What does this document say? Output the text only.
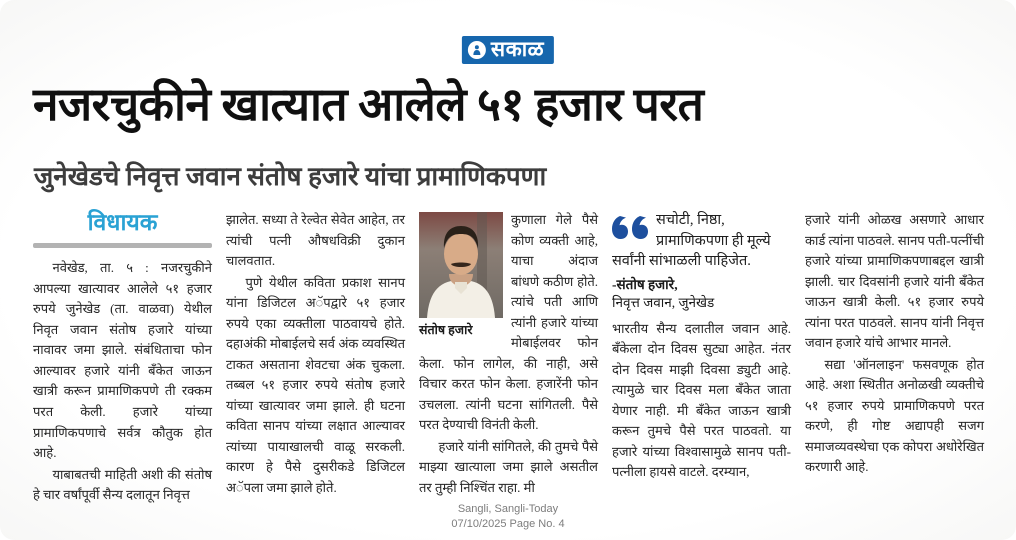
सकाळ
नजरचुकीने खात्यात आलेले ५१ हजार परत
जुनेखेडचे निवृत्त जवान संतोष हजारे यांचा प्रामाणिकपणा
विधायक

नवेखेड, ता. ५ : नजरचुकीने आपल्या खात्यावर आलेले ५१ हजार रुपये जुनेखेड (ता. वाळवा) येथील निवृत जवान संतोष हजारे यांच्या नावावर जमा झाले. संबंधिताचा फोन आल्यावर हजारे यांनी बँकेत जाऊन खात्री करून प्रामाणिकपणे ती रक्कम परत केली. हजारे यांच्या प्रामाणिकपणाचे सर्वत्र कौतुक होत आहे.

याबाबतची माहिती अशी की संतोष हे चार वर्षांपूर्वी सैन्य दलातून निवृत्त

झालेत. सध्या ते रेल्वेत सेवेत आहेत, तर त्यांची पत्नी औषधविक्री दुकान चालवतात.

पुणे येथील कविता प्रकाश सानप यांना डिजिटल अॅपद्वारे ५१ हजार रुपये एका व्यक्तीला पाठवायचे होते. दहाअंकी मोबाईलचे सर्व अंक व्यवस्थित टाकत असताना शेवटचा अंक चुकला. तब्बल ५१ हजार रुपये संतोष हजारे यांच्या खात्यावर जमा झाले. ही घटना कविता सानप यांच्या लक्षात आल्यावर त्यांच्या पायाखालची वाळू सरकली. कारण हे पैसे दुसरीकडे डिजिटल अॅपला जमा झाले होते.

संतोष हजारे

कुणाला गेले पैसे कोण व्यक्ती आहे, याचा अंदाज बांधणे कठीण होते. त्यांचे पती आणि त्यांनी हजारे यांच्या मोबाईलवर फोन केला. फोन लागेल, की नाही, असे विचार करत फोन केला. हजारेंनी फोन उचलला. त्यांनी घटना सांगितली. पैसे परत देण्याची विनंती केली.

हजारे यांनी सांगितले, की तुमचे पैसे माझ्या खात्याला जमा झाले असतील तर तुम्ही निश्चिंत राहा. मी

सचोटी, निष्ठा, प्रामाणिकपणा ही मूल्ये सर्वांनी सांभाळली पाहिजेत.
-संतोष हजारे,
निवृत्त जवान, जुनेखेड

भारतीय सैन्य दलातील जवान आहे. बँकेला दोन दिवस सुट्या आहेत. नंतर दोन दिवस माझी दिवसा ड्युटी आहे. त्यामुळे चार दिवस मला बँकेत जाता येणार नाही. मी बँकेत जाऊन खात्री करून तुमचे पैसे परत पाठवतो. या हजारे यांच्या विश्वासामुळे सानप पती-पत्नीला हायसे वाटले. दरम्यान,

हजारे यांनी ओळख असणारे आधार कार्ड त्यांना पाठवले. सानप पती-पत्नींची हजारे यांच्या प्रामाणिकपणाबद्दल खात्री झाली. चार दिवसांनी हजारे यांनी बँकेत जाऊन खात्री केली. ५१ हजार रुपये त्यांना परत पाठवले. सानप यांनी निवृत्त जवान हजारे यांचे आभार मानले.

सद्या 'ऑनलाइन' फसवणूक होत आहे. अशा स्थितीत अनोळखी व्यक्तीचे ५१ हजार रुपये प्रामाणिकपणे परत करणे, ही गोष्ट अद्यापही सजग समाजव्यवस्थेचा एक कोपरा अधोरेखित करणारी आहे.

Sangli, Sangli-Today
07/10/2025 Page No. 4
